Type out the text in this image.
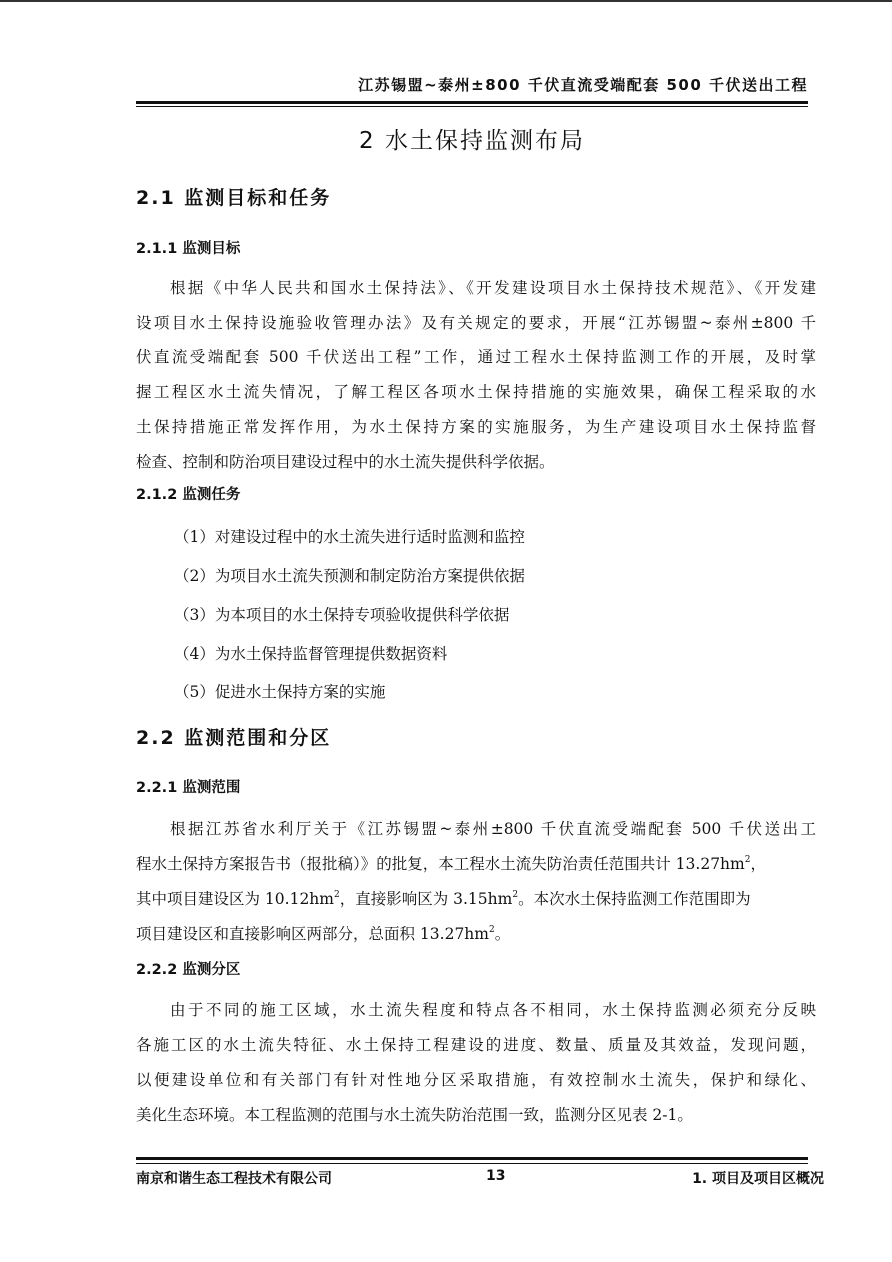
江苏锡盟~泰州±800 千伏直流受端配套 500 千伏送出工程
2 水土保持监测布局
2.1 监测目标和任务
2.1.1 监测目标
根据《中华人民共和国水土保持法》、《开发建设项目水土保持技术规范》、《开发建
设项目水土保持设施验收管理办法》及有关规定的要求，开展“江苏锡盟~泰州±800 千
伏直流受端配套 500 千伏送出工程”工作，通过工程水土保持监测工作的开展，及时掌
握工程区水土流失情况，了解工程区各项水土保持措施的实施效果，确保工程采取的水
土保持措施正常发挥作用，为水土保持方案的实施服务，为生产建设项目水土保持监督
检查、控制和防治项目建设过程中的水土流失提供科学依据。
2.1.2 监测任务
（1）对建设过程中的水土流失进行适时监测和监控
（2）为项目水土流失预测和制定防治方案提供依据
（3）为本项目的水土保持专项验收提供科学依据
（4）为水土保持监督管理提供数据资料
（5）促进水土保持方案的实施
2.2 监测范围和分区
2.2.1 监测范围
根据江苏省水利厅关于《江苏锡盟~泰州±800 千伏直流受端配套 500 千伏送出工
程水土保持方案报告书（报批稿）》的批复，本工程水土流失防治责任范围共计 $13.27hm^2$，
其中项目建设区为 $10.12hm^2$，直接影响区为 $3.15hm^2$。本次水土保持监测工作范围即为
项目建设区和直接影响区两部分，总面积 $13.27hm^2$。
2.2.2 监测分区
由于不同的施工区域，水土流失程度和特点各不相同，水土保持监测必须充分反映
各施工区的水土流失特征、水土保持工程建设的进度、数量、质量及其效益，发现问题，
以便建设单位和有关部门有针对性地分区采取措施，有效控制水土流失，保护和绿化、
美化生态环境。本工程监测的范围与水土流失防治范围一致，监测分区见表 2-1。
南京和谐生态工程技术有限公司	13	1. 项目及项目区概况
